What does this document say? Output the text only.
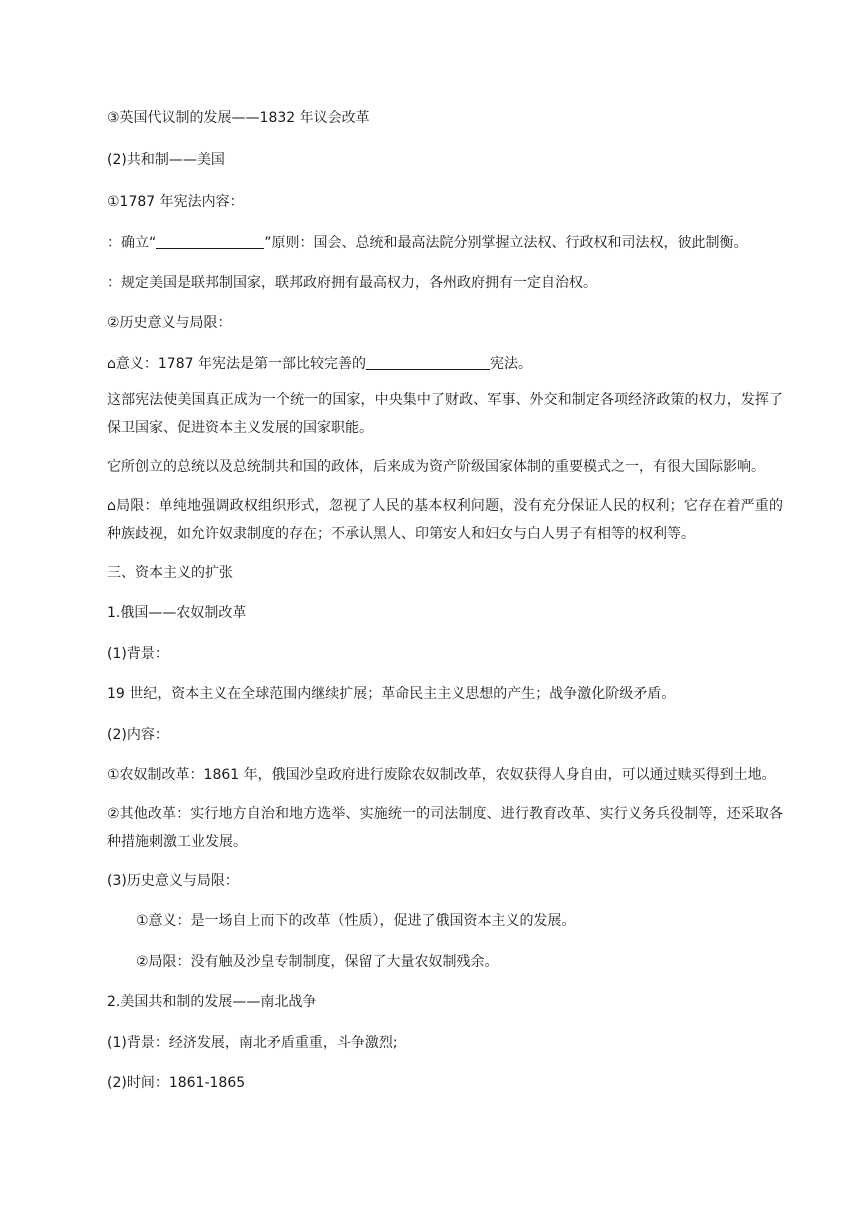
③英国代议制的发展——1832 年议会改革
(2)共和制——美国
①1787 年宪法内容：
：确立“	”原则：国会、总统和最高法院分别掌握立法权、行政权和司法权，彼此制衡。
：规定美国是联邦制国家，联邦政府拥有最高权力，各州政府拥有一定自治权。
②历史意义与局限：
⌂意义：1787 年宪法是第一部比较完善的	宪法。
这部宪法使美国真正成为一个统一的国家，中央集中了财政、军事、外交和制定各项经济政策的权力，发挥了保卫国家、促进资本主义发展的国家职能。
它所创立的总统以及总统制共和国的政体，后来成为资产阶级国家体制的重要模式之一，有很大国际影响。
⌂局限：单纯地强调政权组织形式，忽视了人民的基本权利问题，没有充分保证人民的权利；它存在着严重的种族歧视，如允许奴隶制度的存在；不承认黑人、印第安人和妇女与白人男子有相等的权利等。
三、资本主义的扩张
1.俄国——农奴制改革
(1)背景：
19 世纪，资本主义在全球范围内继续扩展；革命民主主义思想的产生；战争激化阶级矛盾。
(2)内容：
①农奴制改革：1861 年，俄国沙皇政府进行废除农奴制改革，农奴获得人身自由，可以通过赎买得到土地。
②其他改革：实行地方自治和地方选举、实施统一的司法制度、进行教育改革、实行义务兵役制等，还采取各种措施刺激工业发展。
(3)历史意义与局限：
①意义：是一场自上而下的改革（性质），促进了俄国资本主义的发展。
②局限：没有触及沙皇专制制度，保留了大量农奴制残余。
2.美国共和制的发展——南北战争
(1)背景：经济发展，南北矛盾重重，斗争激烈;
(2)时间：1861-1865
